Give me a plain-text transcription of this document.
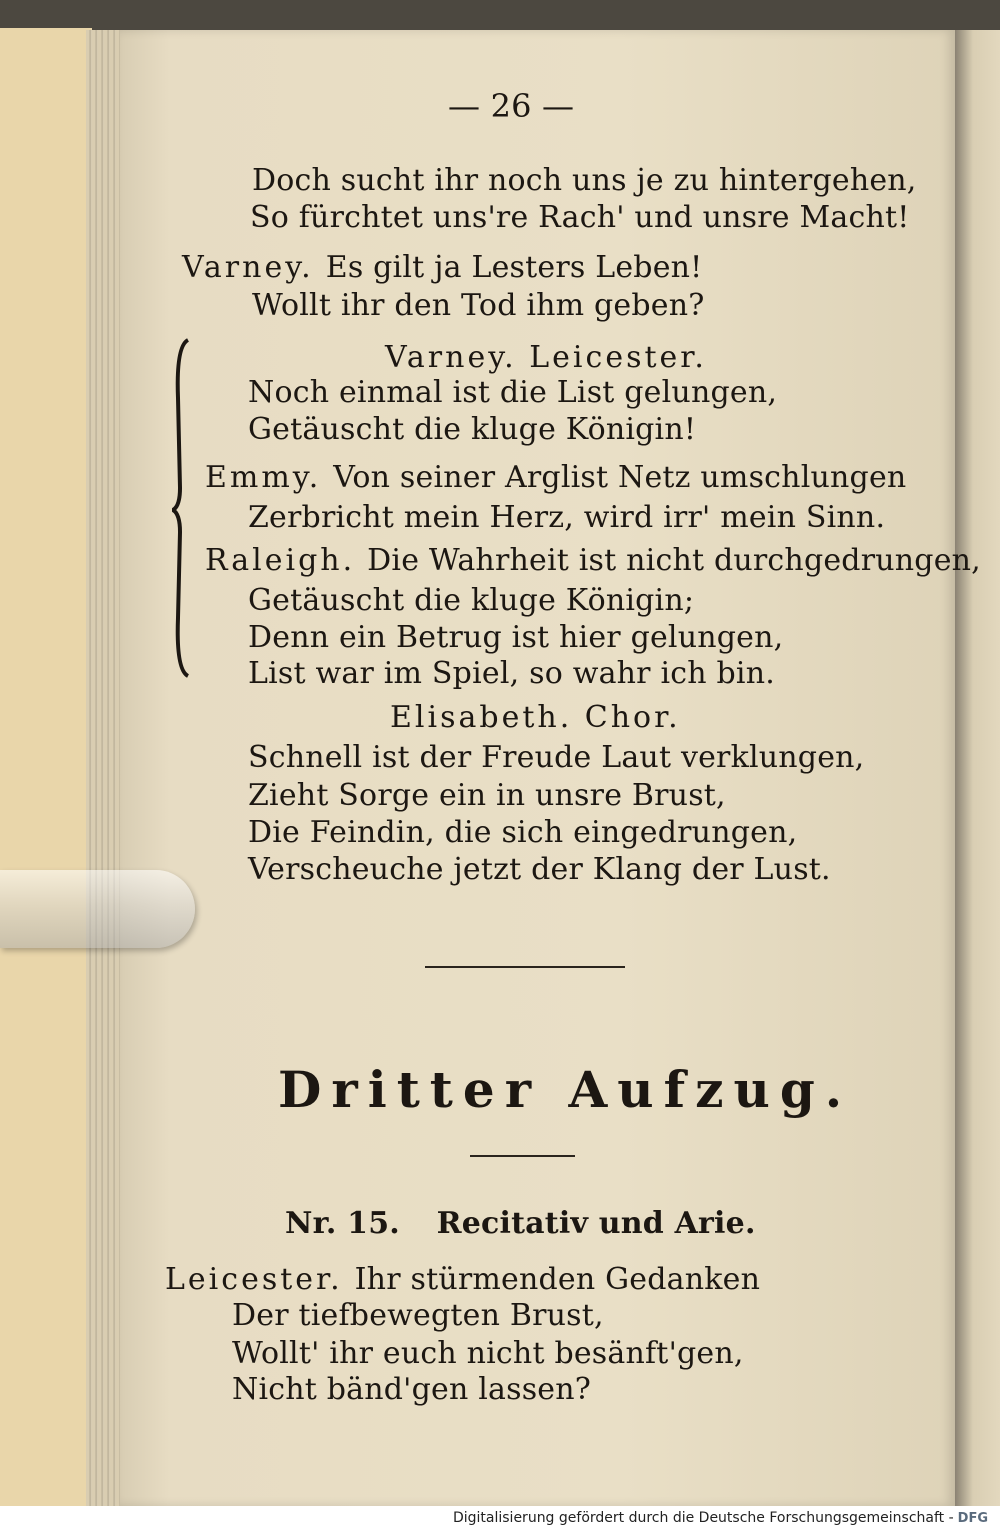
— 26 —
Doch sucht ihr noch uns je zu hintergehen,
So fürchtet uns're Rach' und unsre Macht!
Varney. Es gilt ja Lesters Leben!
Wollt ihr den Tod ihm geben?
Varney. Leicester.
Noch einmal ist die List gelungen,
Getäuscht die kluge Königin!
Emmy. Von seiner Arglist Netz umschlungen
Zerbricht mein Herz, wird irr' mein Sinn.
Raleigh. Die Wahrheit ist nicht durchgedrungen,
Getäuscht die kluge Königin;
Denn ein Betrug ist hier gelungen,
List war im Spiel, so wahr ich bin.
Elisabeth. Chor.
Schnell ist der Freude Laut verklungen,
Zieht Sorge ein in unsre Brust,
Die Feindin, die sich eingedrungen,
Verscheuche jetzt der Klang der Lust.
Dritter Aufzug.
Nr. 15. Recitativ und Arie.
Leicester. Ihr stürmenden Gedanken
Der tiefbewegten Brust,
Wollt' ihr euch nicht besänft'gen,
Nicht bänd'gen lassen?
Digitalisierung gefördert durch die Deutsche Forschungsgemeinschaft - DFG
